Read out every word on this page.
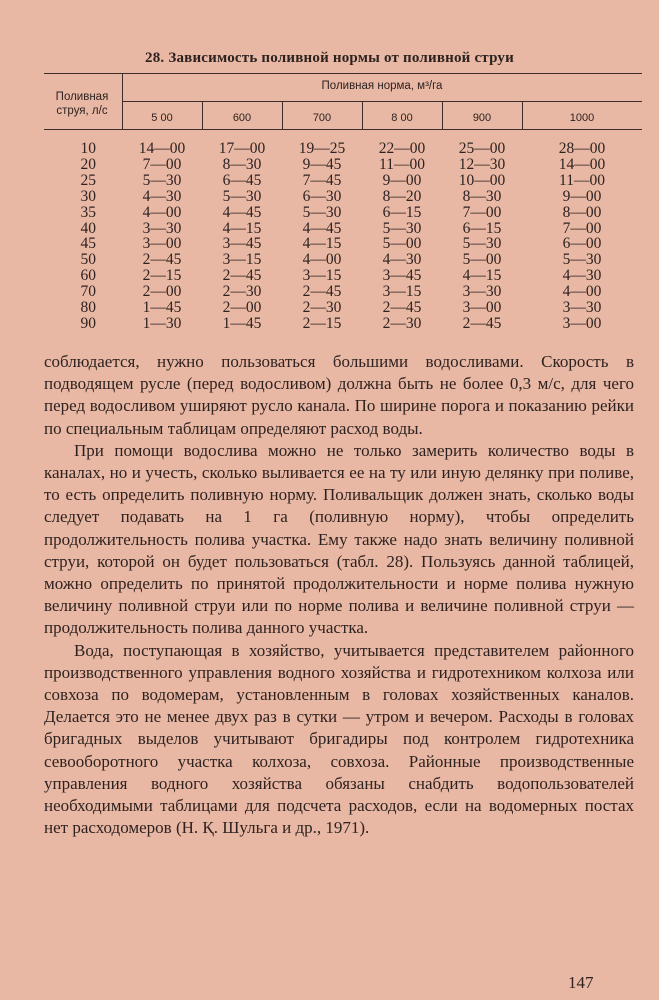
28. Зависимость поливной нормы от поливной струи
Поливная струя, л/с
Поливная норма, м³/га
5 00	600	700	8 00	900	1000
10	14—00	17—00	19—25	22—00	25—00	28—00
20	7—00	8—30	9—45	11—00	12—30	14—00
25	5—30	6—45	7—45	9—00	10—00	11—00
30	4—30	5—30	6—30	8—20	8—30	9—00
35	4—00	4—45	5—30	6—15	7—00	8—00
40	3—30	4—15	4—45	5—30	6—15	7—00
45	3—00	3—45	4—15	5—00	5—30	6—00
50	2—45	3—15	4—00	4—30	5—00	5—30
60	2—15	2—45	3—15	3—45	4—15	4—30
70	2—00	2—30	2—45	3—15	3—30	4—00
80	1—45	2—00	2—30	2—45	3—00	3—30
90	1—30	1—45	2—15	2—30	2—45	3—00

соблюдается, нужно пользоваться большими водосливами. Скорость в подводящем русле (перед водосливом) должна быть не более 0,3 м/с, для чего перед водосливом уширяют русло канала. По ширине порога и показанию рейки по специальным таблицам определяют расход воды.

При помощи водослива можно не только замерить количество воды в каналах, но и учесть, сколько выливается ее на ту или иную делянку при поливе, то есть определить поливную норму. Поливальщик должен знать, сколько воды следует подавать на 1 га (поливную норму), чтобы определить продолжительность полива участка. Ему также надо знать величину поливной струи, которой он будет пользоваться (табл. 28). Пользуясь данной таблицей, можно определить по принятой продолжительности и норме полива нужную величину поливной струи или по норме полива и величине поливной струи — продолжительность полива данного участка.

Вода, поступающая в хозяйство, учитывается представителем районного производственного управления водного хозяйства и гидротехником колхоза или совхоза по водомерам, установленным в головах хозяйственных каналов. Делается это не менее двух раз в сутки — утром и вечером. Расходы в головах бригадных выделов учитывают бригадиры под контролем гидротехника севооборотного участка колхоза, совхоза. Районные производственные управления водного хозяйства обязаны снабдить водопользователей необходимыми таблицами для подсчета расходов, если на водомерных постах нет расходомеров (Н. Қ. Шульга и др., 1971).

147
